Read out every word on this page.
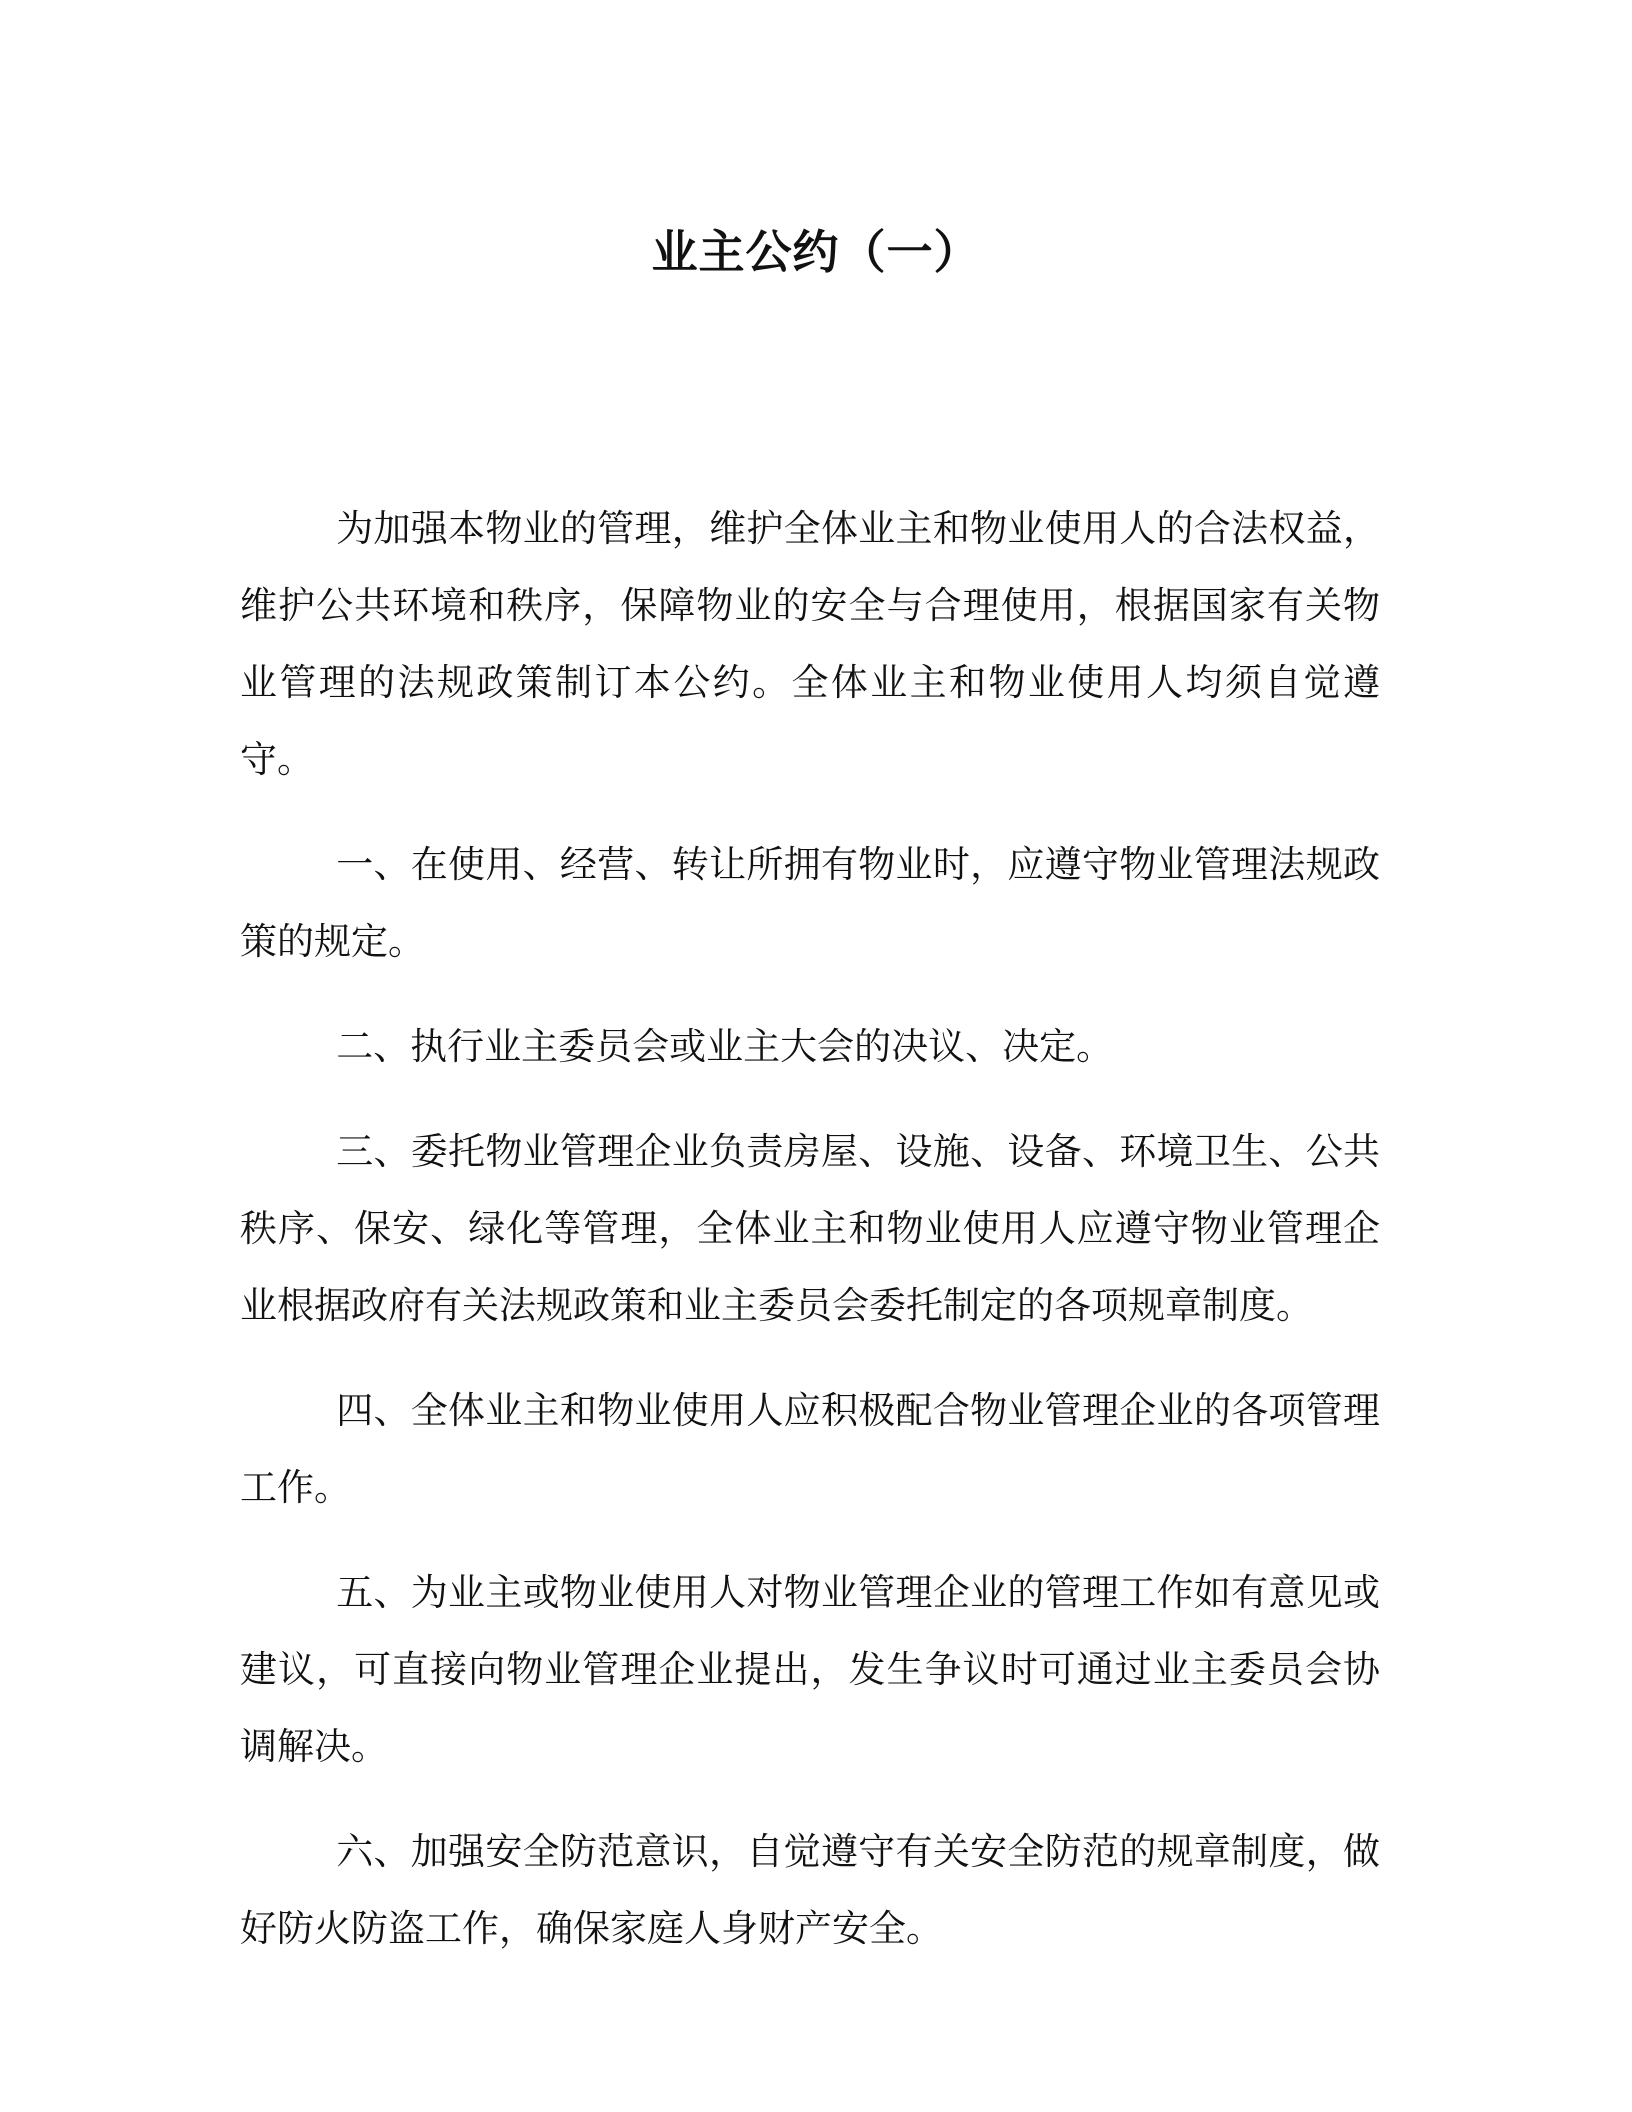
业主公约（一）

为加强本物业的管理，维护全体业主和物业使用人的合法权益，维护公共环境和秩序，保障物业的安全与合理使用，根据国家有关物业管理的法规政策制订本公约。全体业主和物业使用人均须自觉遵守。

一、在使用、经营、转让所拥有物业时，应遵守物业管理法规政策的规定。

二、执行业主委员会或业主大会的决议、决定。

三、委托物业管理企业负责房屋、设施、设备、环境卫生、公共秩序、保安、绿化等管理，全体业主和物业使用人应遵守物业管理企业根据政府有关法规政策和业主委员会委托制定的各项规章制度。

四、全体业主和物业使用人应积极配合物业管理企业的各项管理工作。

五、为业主或物业使用人对物业管理企业的管理工作如有意见或建议，可直接向物业管理企业提出，发生争议时可通过业主委员会协调解决。

六、加强安全防范意识，自觉遵守有关安全防范的规章制度，做好防火防盗工作，确保家庭人身财产安全。
